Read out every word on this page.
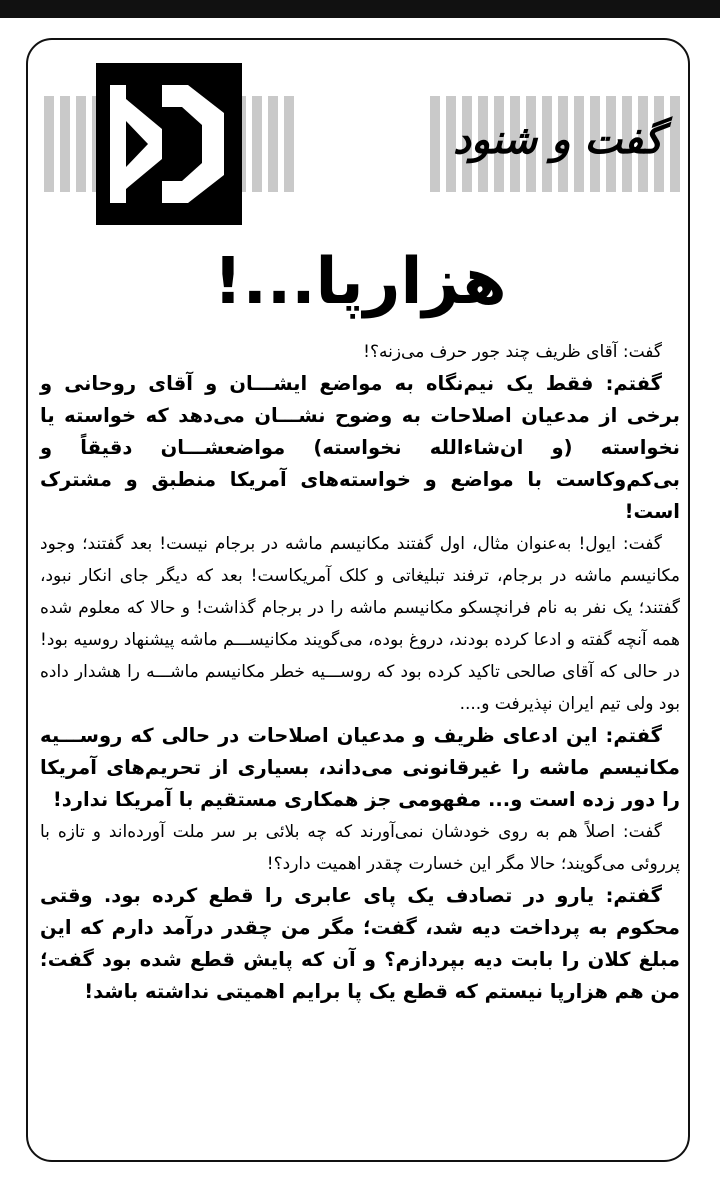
گفت و شنود
هزارپا...!

گفت: آقای ظریف چند جور حرف می‌زنه؟!

گفتم: فقط یک نیم‌نگاه به مواضع ایشـــان و آقای روحانی و برخی از مدعیان اصلاحات به وضوح نشـــان می‌دهد که خواسته یا نخواسته (و ان‌شاءالله نخواسته) مواضعشـــان دقیقاً و بی‌کم‌وکاست با مواضع و خواسته‌های آمریکا منطبق و مشترک است!

گفت: ایول! به‌عنوان مثال، اول گفتند مکانیسم ماشه در برجام نیست! بعد گفتند؛ وجود مکانیسم ماشه در برجام، ترفند تبلیغاتی و کلک آمریکاست! بعد که دیگر جای انکار نبود، گفتند؛ یک نفر به نام فرانچسکو مکانیسم ماشه را در برجام گذاشت! و حالا که معلوم شده همه آنچه گفته و ادعا کرده بودند، دروغ بوده، می‌گویند مکانیســـم ماشه پیشنهاد روسیه بود! در حالی که آقای صالحی تاکید کرده بود که روســـیه خطر مکانیسم ماشـــه را هشدار داده بود ولی تیم ایران نپذیرفت و....

گفتم: این ادعای ظریف و مدعیان اصلاحات در حالی که روســـیه مکانیسم ماشه را غیرقانونی می‌داند، بسیاری از تحریم‌های آمریکا را دور زده است و... مفهومی جز همکاری مستقیم با آمریکا ندارد!

گفت: اصلاً هم به روی خودشان نمی‌آورند که چه بلائی بر سر ملت آورده‌اند و تازه با پرروئی می‌گویند؛ حالا مگر این خسارت چقدر اهمیت دارد؟!

گفتم: یارو در تصادف یک پای عابری را قطع کرده بود. وقتی محکوم به پرداخت دیه شد، گفت؛ مگر من چقدر درآمد دارم که این مبلغ کلان را بابت دیه بپردازم؟ و آن که پایش قطع شده بود گفت؛ من هم هزارپا نیستم که قطع یک پا برایم اهمیتی نداشته باشد!
